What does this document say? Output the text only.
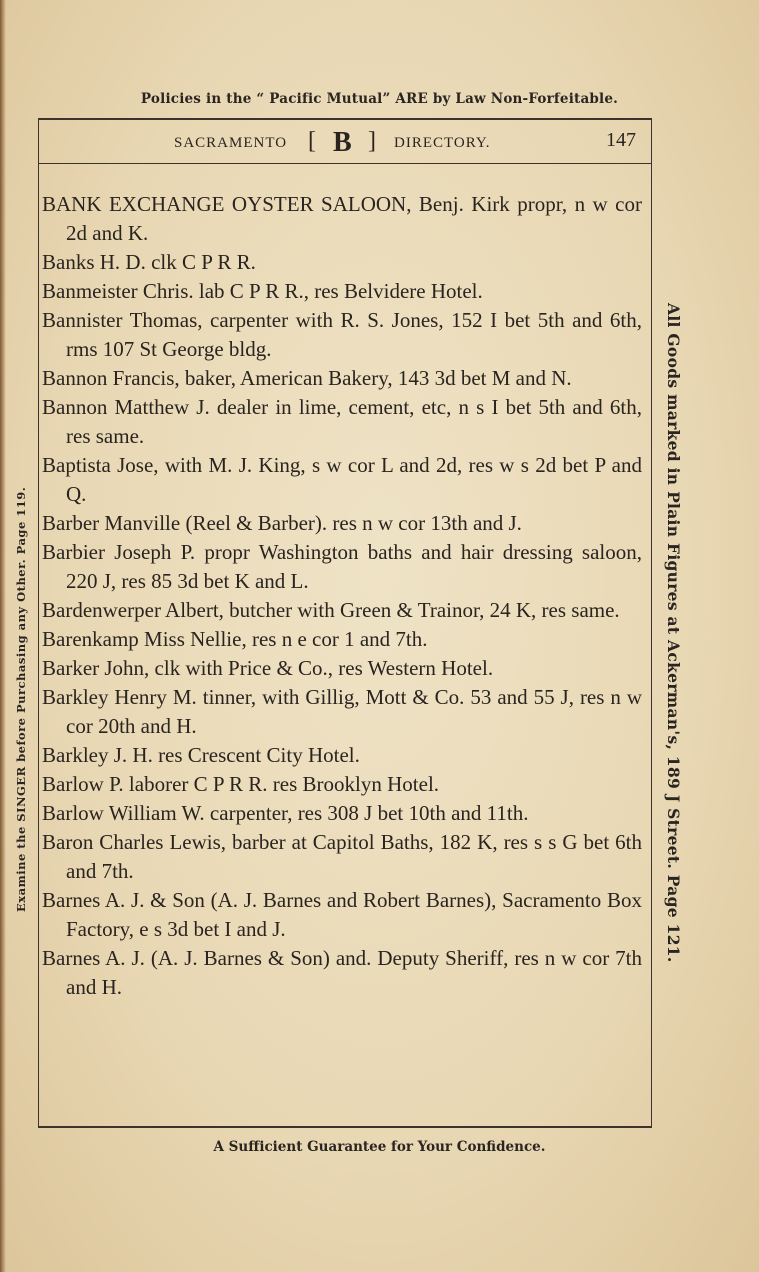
Policies in the “ Pacific Mutual” ARE by Law Non-Forfeitable.
SACRAMENTO [ B ] DIRECTORY.	147
BANK EXCHANGE OYSTER SALOON, Benj. Kirk propr, n w cor 2d and K.
Banks H. D. clk C P R R.
Banmeister Chris. lab C P R R., res Belvidere Hotel.
Bannister Thomas, carpenter with R. S. Jones, 152 I bet 5th and 6th, rms 107 St George bldg.
Bannon Francis, baker, American Bakery, 143 3d bet M and N.
Bannon Matthew J. dealer in lime, cement, etc, n s I bet 5th and 6th, res same.
Baptista Jose, with M. J. King, s w cor L and 2d, res w s 2d bet P and Q.
Barber Manville (Reel & Barber). res n w cor 13th and J.
Barbier Joseph P. propr Washington baths and hair dressing saloon, 220 J, res 85 3d bet K and L.
Bardenwerper Albert, butcher with Green & Trainor, 24 K, res same.
Barenkamp Miss Nellie, res n e cor 1 and 7th.
Barker John, clk with Price & Co., res Western Hotel.
Barkley Henry M. tinner, with Gillig, Mott & Co. 53 and 55 J, res n w cor 20th and H.
Barkley J. H. res Crescent City Hotel.
Barlow P. laborer C P R R. res Brooklyn Hotel.
Barlow William W. carpenter, res 308 J bet 10th and 11th.
Baron Charles Lewis, barber at Capitol Baths, 182 K, res s s G bet 6th and 7th.
Barnes A. J. & Son (A. J. Barnes and Robert Barnes), Sacramento Box Factory, e s 3d bet I and J.
Barnes A. J. (A. J. Barnes & Son) and. Deputy Sheriff, res n w cor 7th and H.
A Sufficient Guarantee for Your Confidence.
Examine the SINGER before Purchasing any Other. Page 119.	All Goods marked in Plain Figures at Ackerman's, 189 J Street. Page 121.
